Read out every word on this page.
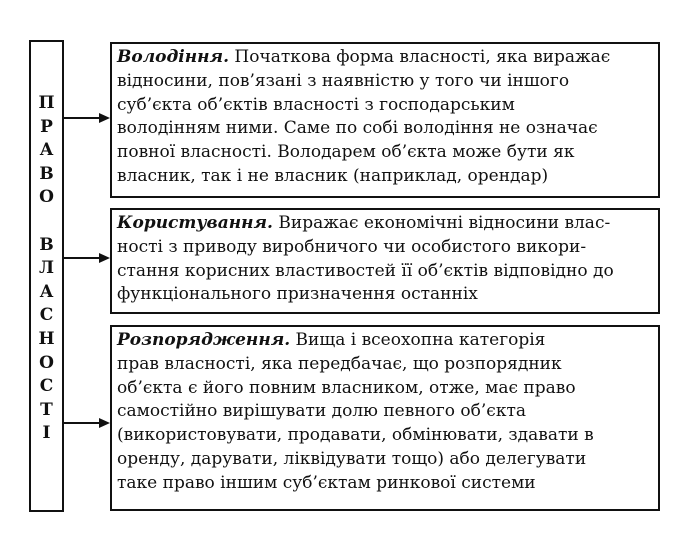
П
Р
А
В
О
В
Л
А
С
Н
О
С
Т
І
Володіння. Початкова форма власності, яка виражає
відносини, пов’язані з наявністю у того чи іншого
суб’єкта об’єктів власності з господарським
володінням ними. Саме по собі володіння не означає
повної власності. Володарем об’єкта може бути як
власник, так і не власник (наприклад, орендар)
Користування. Виражає економічні відносини влас-
ності з приводу виробничого чи особистого викори-
стання корисних властивостей її об’єктів відповідно до
функціонального призначення останніх
Розпорядження. Вища і всеохопна категорія
прав власності, яка передбачає, що розпорядник
об’єкта є його повним власником, отже, має право
самостійно вирішувати долю певного об’єкта
(використовувати, продавати, обмінювати, здавати в
оренду, дарувати, ліквідувати тощо) або делегувати
таке право іншим суб’єктам ринкової системи
